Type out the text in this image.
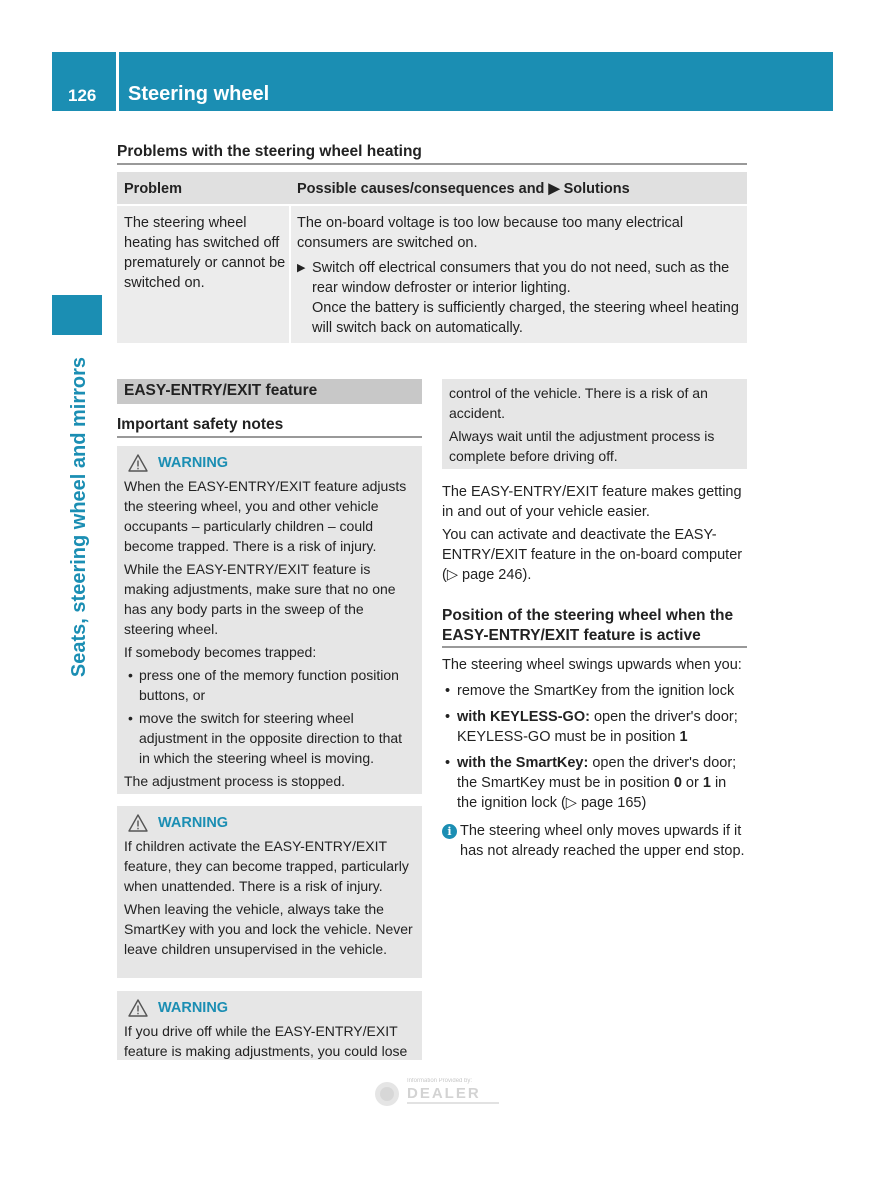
126 Steering wheel
Seats, steering wheel and mirrors
Problems with the steering wheel heating
Problem	Possible causes/consequences and ▶ Solutions
The steering wheel heating has switched off prematurely or cannot be switched on.
The on-board voltage is too low because too many electrical consumers are switched on.
▶ Switch off electrical consumers that you do not need, such as the rear window defroster or interior lighting.
Once the battery is sufficiently charged, the steering wheel heating will switch back on automatically.
EASY-ENTRY/EXIT feature
Important safety notes
WARNING

When the EASY-ENTRY/EXIT feature adjusts the steering wheel, you and other vehicle occupants – particularly children – could become trapped. There is a risk of injury.

While the EASY-ENTRY/EXIT feature is making adjustments, make sure that no one has any body parts in the sweep of the steering wheel.

If somebody becomes trapped:

• press one of the memory function position buttons, or
• move the switch for steering wheel adjustment in the opposite direction to that in which the steering wheel is moving.

The adjustment process is stopped.

WARNING

If children activate the EASY-ENTRY/EXIT feature, they can become trapped, particularly when unattended. There is a risk of injury.

When leaving the vehicle, always take the SmartKey with you and lock the vehicle. Never leave children unsupervised in the vehicle.

WARNING

If you drive off while the EASY-ENTRY/EXIT feature is making adjustments, you could lose

control of the vehicle. There is a risk of an accident.

Always wait until the adjustment process is complete before driving off.

The EASY-ENTRY/EXIT feature makes getting in and out of your vehicle easier.

You can activate and deactivate the EASY-ENTRY/EXIT feature in the on-board computer (▷ page 246).

Position of the steering wheel when the EASY-ENTRY/EXIT feature is active
The steering wheel swings upwards when you:
• remove the SmartKey from the ignition lock
• with KEYLESS-GO: open the driver's door; KEYLESS-GO must be in position 1
• with the SmartKey: open the driver's door; the SmartKey must be in position 0 or 1 in the ignition lock (▷ page 165)
i The steering wheel only moves upwards if it has not already reached the upper end stop.
Information Provided by:
DEALER
